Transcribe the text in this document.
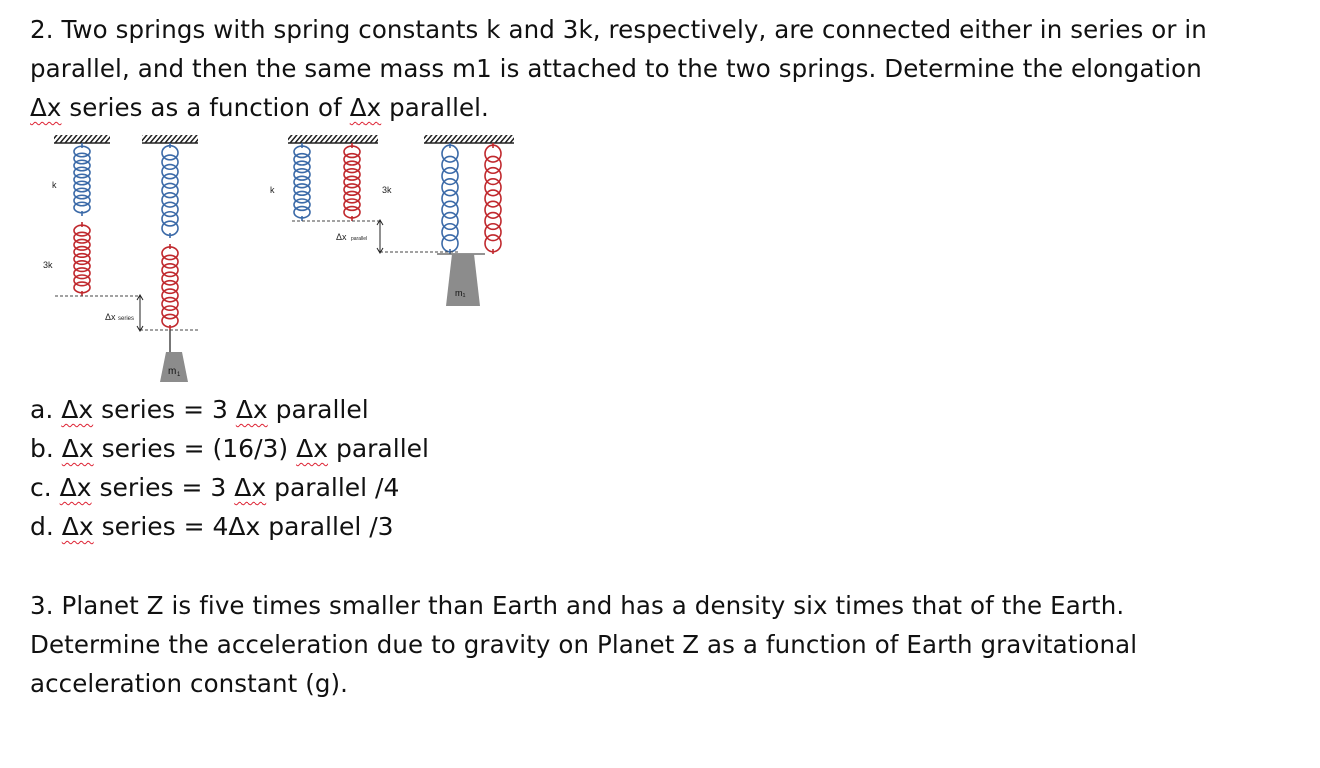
2. Two springs with spring constants k and 3k, respectively, are connected either in series or in
parallel, and then the same mass m1 is attached to the two springs. Determine the elongation
Δx series as a function of Δx parallel.
k
3k
Δx series
m 1
k	3k
Δx parallel
m₁
a. Δx series = 3 Δx parallel
b. Δx series = (16/3) Δx parallel
c. Δx series = 3 Δx parallel /4
d. Δx series = 4Δx parallel /3
3. Planet Z is five times smaller than Earth and has a density six times that of the Earth.
Determine the acceleration due to gravity on Planet Z as a function of Earth gravitational
acceleration constant (g).
